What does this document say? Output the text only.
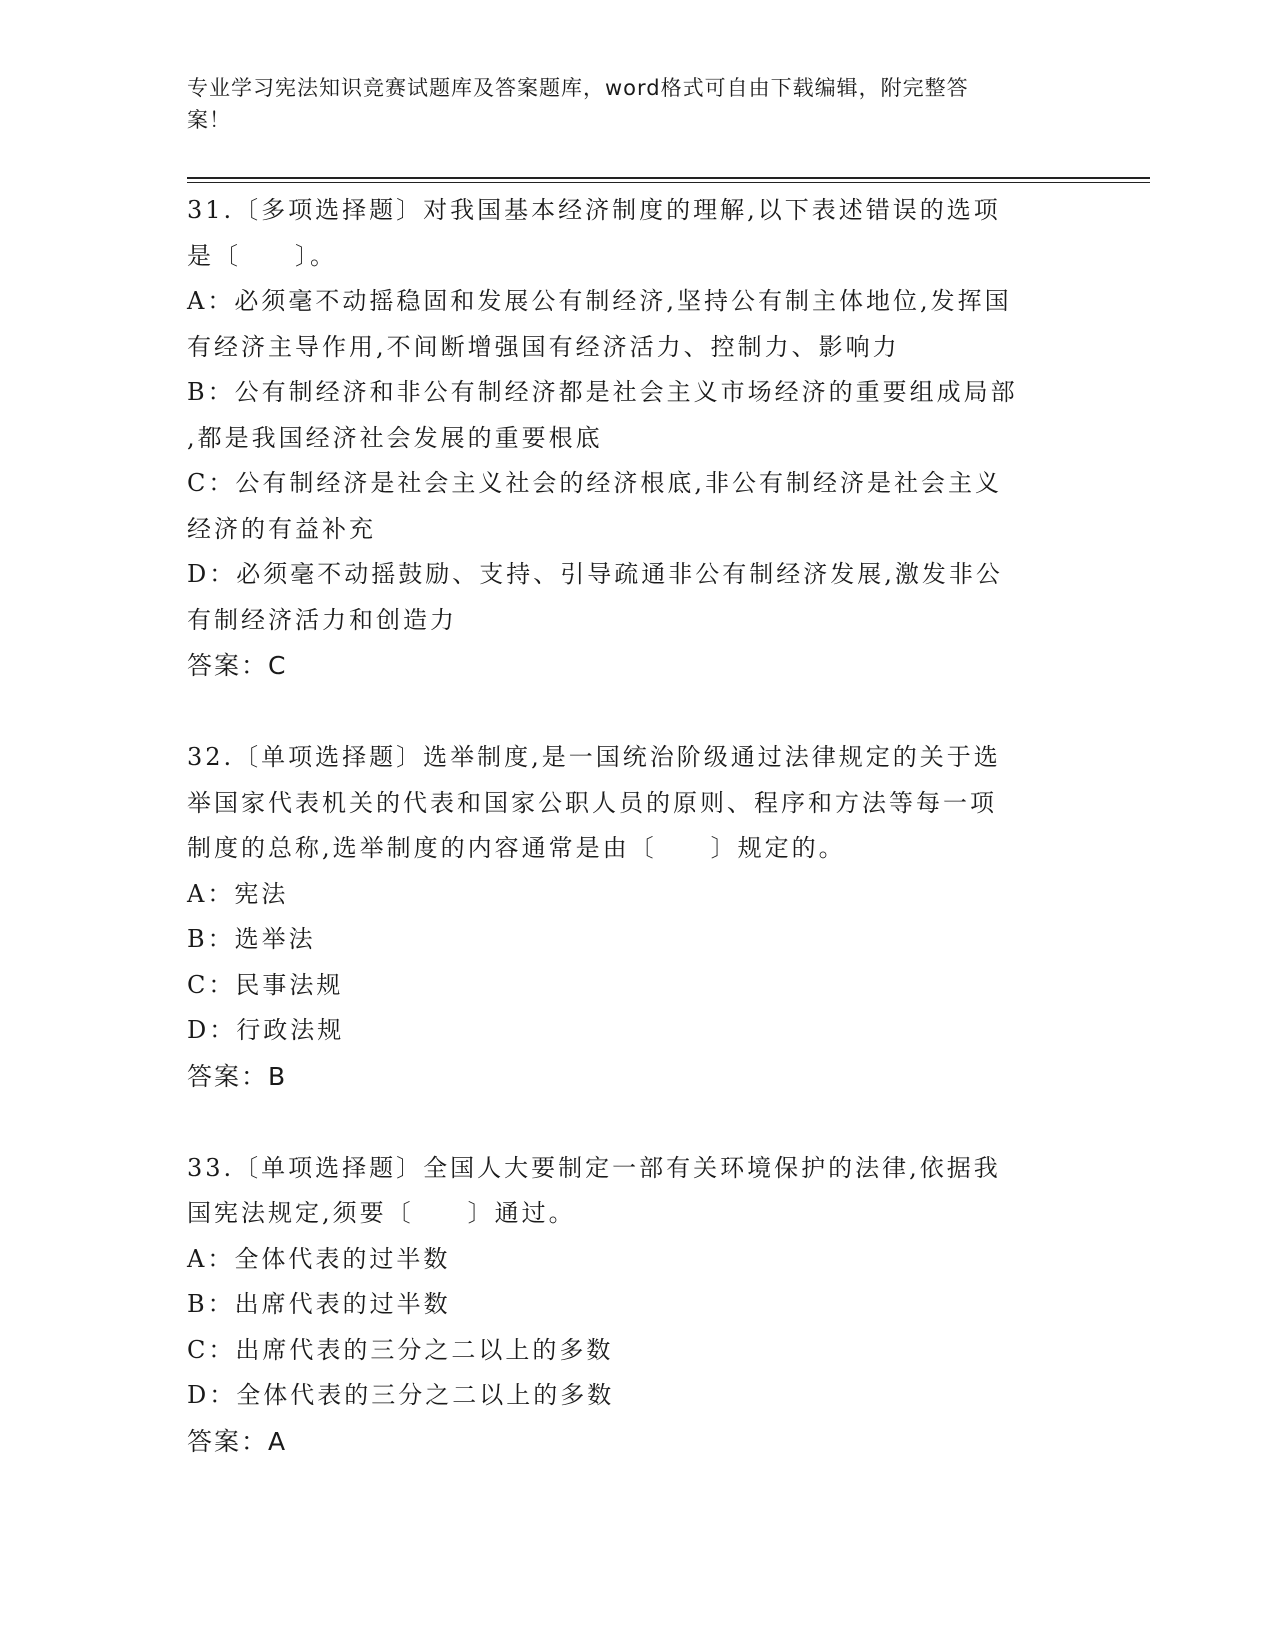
专业学习宪法知识竞赛试题库及答案题库，word格式可自由下载编辑，附完整答
案！
31.〔多项选择题〕对我国基本经济制度的理解,以下表述错误的选项
是〔　　〕。
A：必须毫不动摇稳固和发展公有制经济,坚持公有制主体地位,发挥国
有经济主导作用,不间断增强国有经济活力、控制力、影响力
B：公有制经济和非公有制经济都是社会主义市场经济的重要组成局部
,都是我国经济社会发展的重要根底
C：公有制经济是社会主义社会的经济根底,非公有制经济是社会主义
经济的有益补充
D：必须毫不动摇鼓励、支持、引导疏通非公有制经济发展,激发非公
有制经济活力和创造力
答案：C
32.〔单项选择题〕选举制度,是一国统治阶级通过法律规定的关于选
举国家代表机关的代表和国家公职人员的原则、程序和方法等每一项
制度的总称,选举制度的内容通常是由〔　　〕规定的。
A：宪法
B：选举法
C：民事法规
D：行政法规
答案：B
33.〔单项选择题〕全国人大要制定一部有关环境保护的法律,依据我
国宪法规定,须要〔　　〕通过。
A：全体代表的过半数
B：出席代表的过半数
C：出席代表的三分之二以上的多数
D：全体代表的三分之二以上的多数
答案：A
